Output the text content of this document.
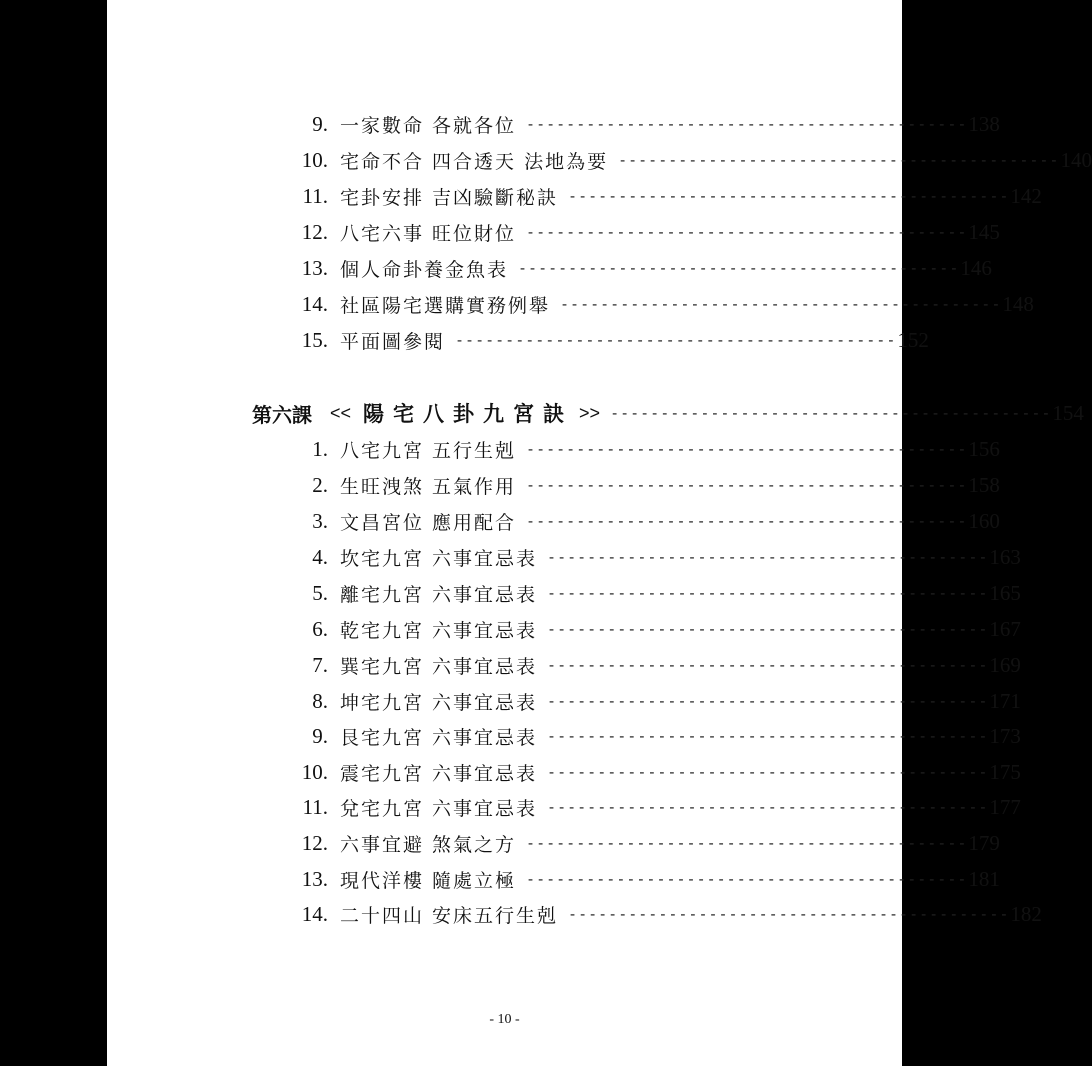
9. 一家數命 各就各位 -------------------------------------------- 138
10. 宅命不合 四合透天 法地為要 -------------------------------------------- 140
11. 宅卦安排 吉凶驗斷秘訣 -------------------------------------------- 142
12. 八宅六事 旺位財位 -------------------------------------------- 145
13. 個人命卦養金魚表 -------------------------------------------- 146
14. 社區陽宅選購實務例舉 -------------------------------------------- 148
15. 平面圖參閱 -------------------------------------------- 152
第六課 << 陽宅八卦九宮訣 >> -------------------------------------------- 154
1. 八宅九宮 五行生剋 -------------------------------------------- 156
2. 生旺洩煞 五氣作用 -------------------------------------------- 158
3. 文昌宮位 應用配合 -------------------------------------------- 160
4. 坎宅九宮 六事宜忌表 -------------------------------------------- 163
5. 離宅九宮 六事宜忌表 -------------------------------------------- 165
6. 乾宅九宮 六事宜忌表 -------------------------------------------- 167
7. 巽宅九宮 六事宜忌表 -------------------------------------------- 169
8. 坤宅九宮 六事宜忌表 -------------------------------------------- 171
9. 艮宅九宮 六事宜忌表 -------------------------------------------- 173
10. 震宅九宮 六事宜忌表 -------------------------------------------- 175
11. 兌宅九宮 六事宜忌表 -------------------------------------------- 177
12. 六事宜避 煞氣之方 -------------------------------------------- 179
13. 現代洋樓 隨處立極 -------------------------------------------- 181
14. 二十四山 安床五行生剋 -------------------------------------------- 182
- 10 -
